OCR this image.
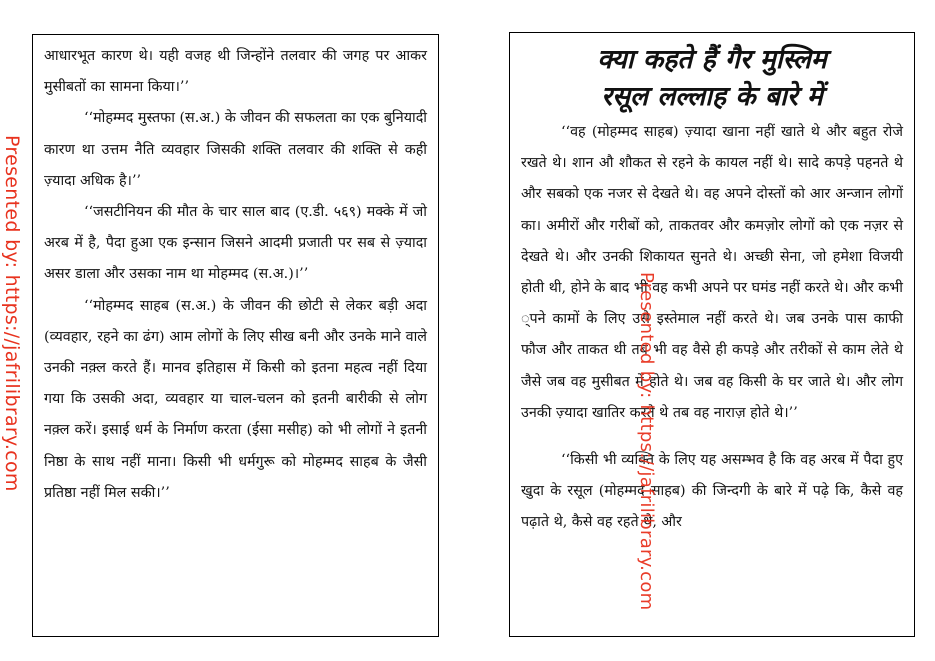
Presented by: https://jafrilibrary.com

आधारभूत कारण थे। यही वजह थी जिन्होंने तलवार की जगह पर आकर मुसीबतों का सामना किया।’’

‘‘मोहम्मद मुस्तफा (स.अ.) के जीवन की सफलता का एक बुनियादी कारण था उत्तम नैति व्यवहार जिसकी शक्ति तलवार की शक्ति से कही ज़्यादा अधिक है।’’

‘‘जसटीनियन की मौत के चार साल बाद (ए.डी. ५६९) मक्के में जो अरब में है, पैदा हुआ एक इन्सान जिसने आदमी प्रजाती पर सब से ज़्यादा असर डाला और उसका नाम था मोहम्मद (स.अ.)।’’

‘‘मोहम्मद साहब (स.अ.) के जीवन की छोटी से लेकर बड़ी अदा (व्यवहार, रहने का ढंग) आम लोगों के लिए सीख बनी और उनके माने वाले उनकी नक़्ल करते हैं। मानव इतिहास में किसी को इतना महत्व नहीं दिया गया कि उसकी अदा, व्यवहार या चाल-चलन को इतनी बारीकी से लोग नक़्ल करें। इसाई धर्म के निर्माण करता (ईसा मसीह) को भी लोगों ने इतनी निष्ठा के साथ नहीं माना। किसी भी धर्मगुरू को मोहम्मद साहब के जैसी प्रतिष्ठा नहीं मिल सकी।’’

क्या कहते हैं गैर मुस्लिम
रसूल लल्लाह के बारे में

‘‘वह (मोहम्मद साहब) ज़्यादा खाना नहीं खाते थे और बहुत रोजे रखते थे। शान औ शौकत से रहने के कायल नहीं थे। सादे कपड़े पहनते थे और सबको एक नजर से देखते थे। वह अपने दोस्तों को आर अन्जान लोगों का। अमीरों और गरीबों को, ताकतवर और कमज़ोर लोगों को एक नज़र से देखते थे। और उनकी शिकायत सुनते थे। अच्छी सेना, जो हमेशा विजयी होती थी, होने के बाद भी वह कभी अपने पर घमंड नहीं करते थे। और कभी ्पने कामों के लिए उसे इस्तेमाल नहीं करते थे। जब उनके पास काफी फौज और ताकत थी तब भी वह वैसे ही कपड़े और तरीकों से काम लेते थे जैसे जब वह मुसीबत में होते थे। जब वह किसी के घर जाते थे। और लोग उनकी ज़्यादा खातिर करते थे तब वह नाराज़ होते थे।’’

‘‘किसी भी व्यक्ति के लिए यह असम्भव है कि वह अरब में पैदा हुए खुदा के रसूल (मोहम्मद साहब) की जिन्दगी के बारे में पढ़े कि, कैसे वह पढ़ाते थे, कैसे वह रहते थे, और

Presented by: https://jafrilibrary.com
